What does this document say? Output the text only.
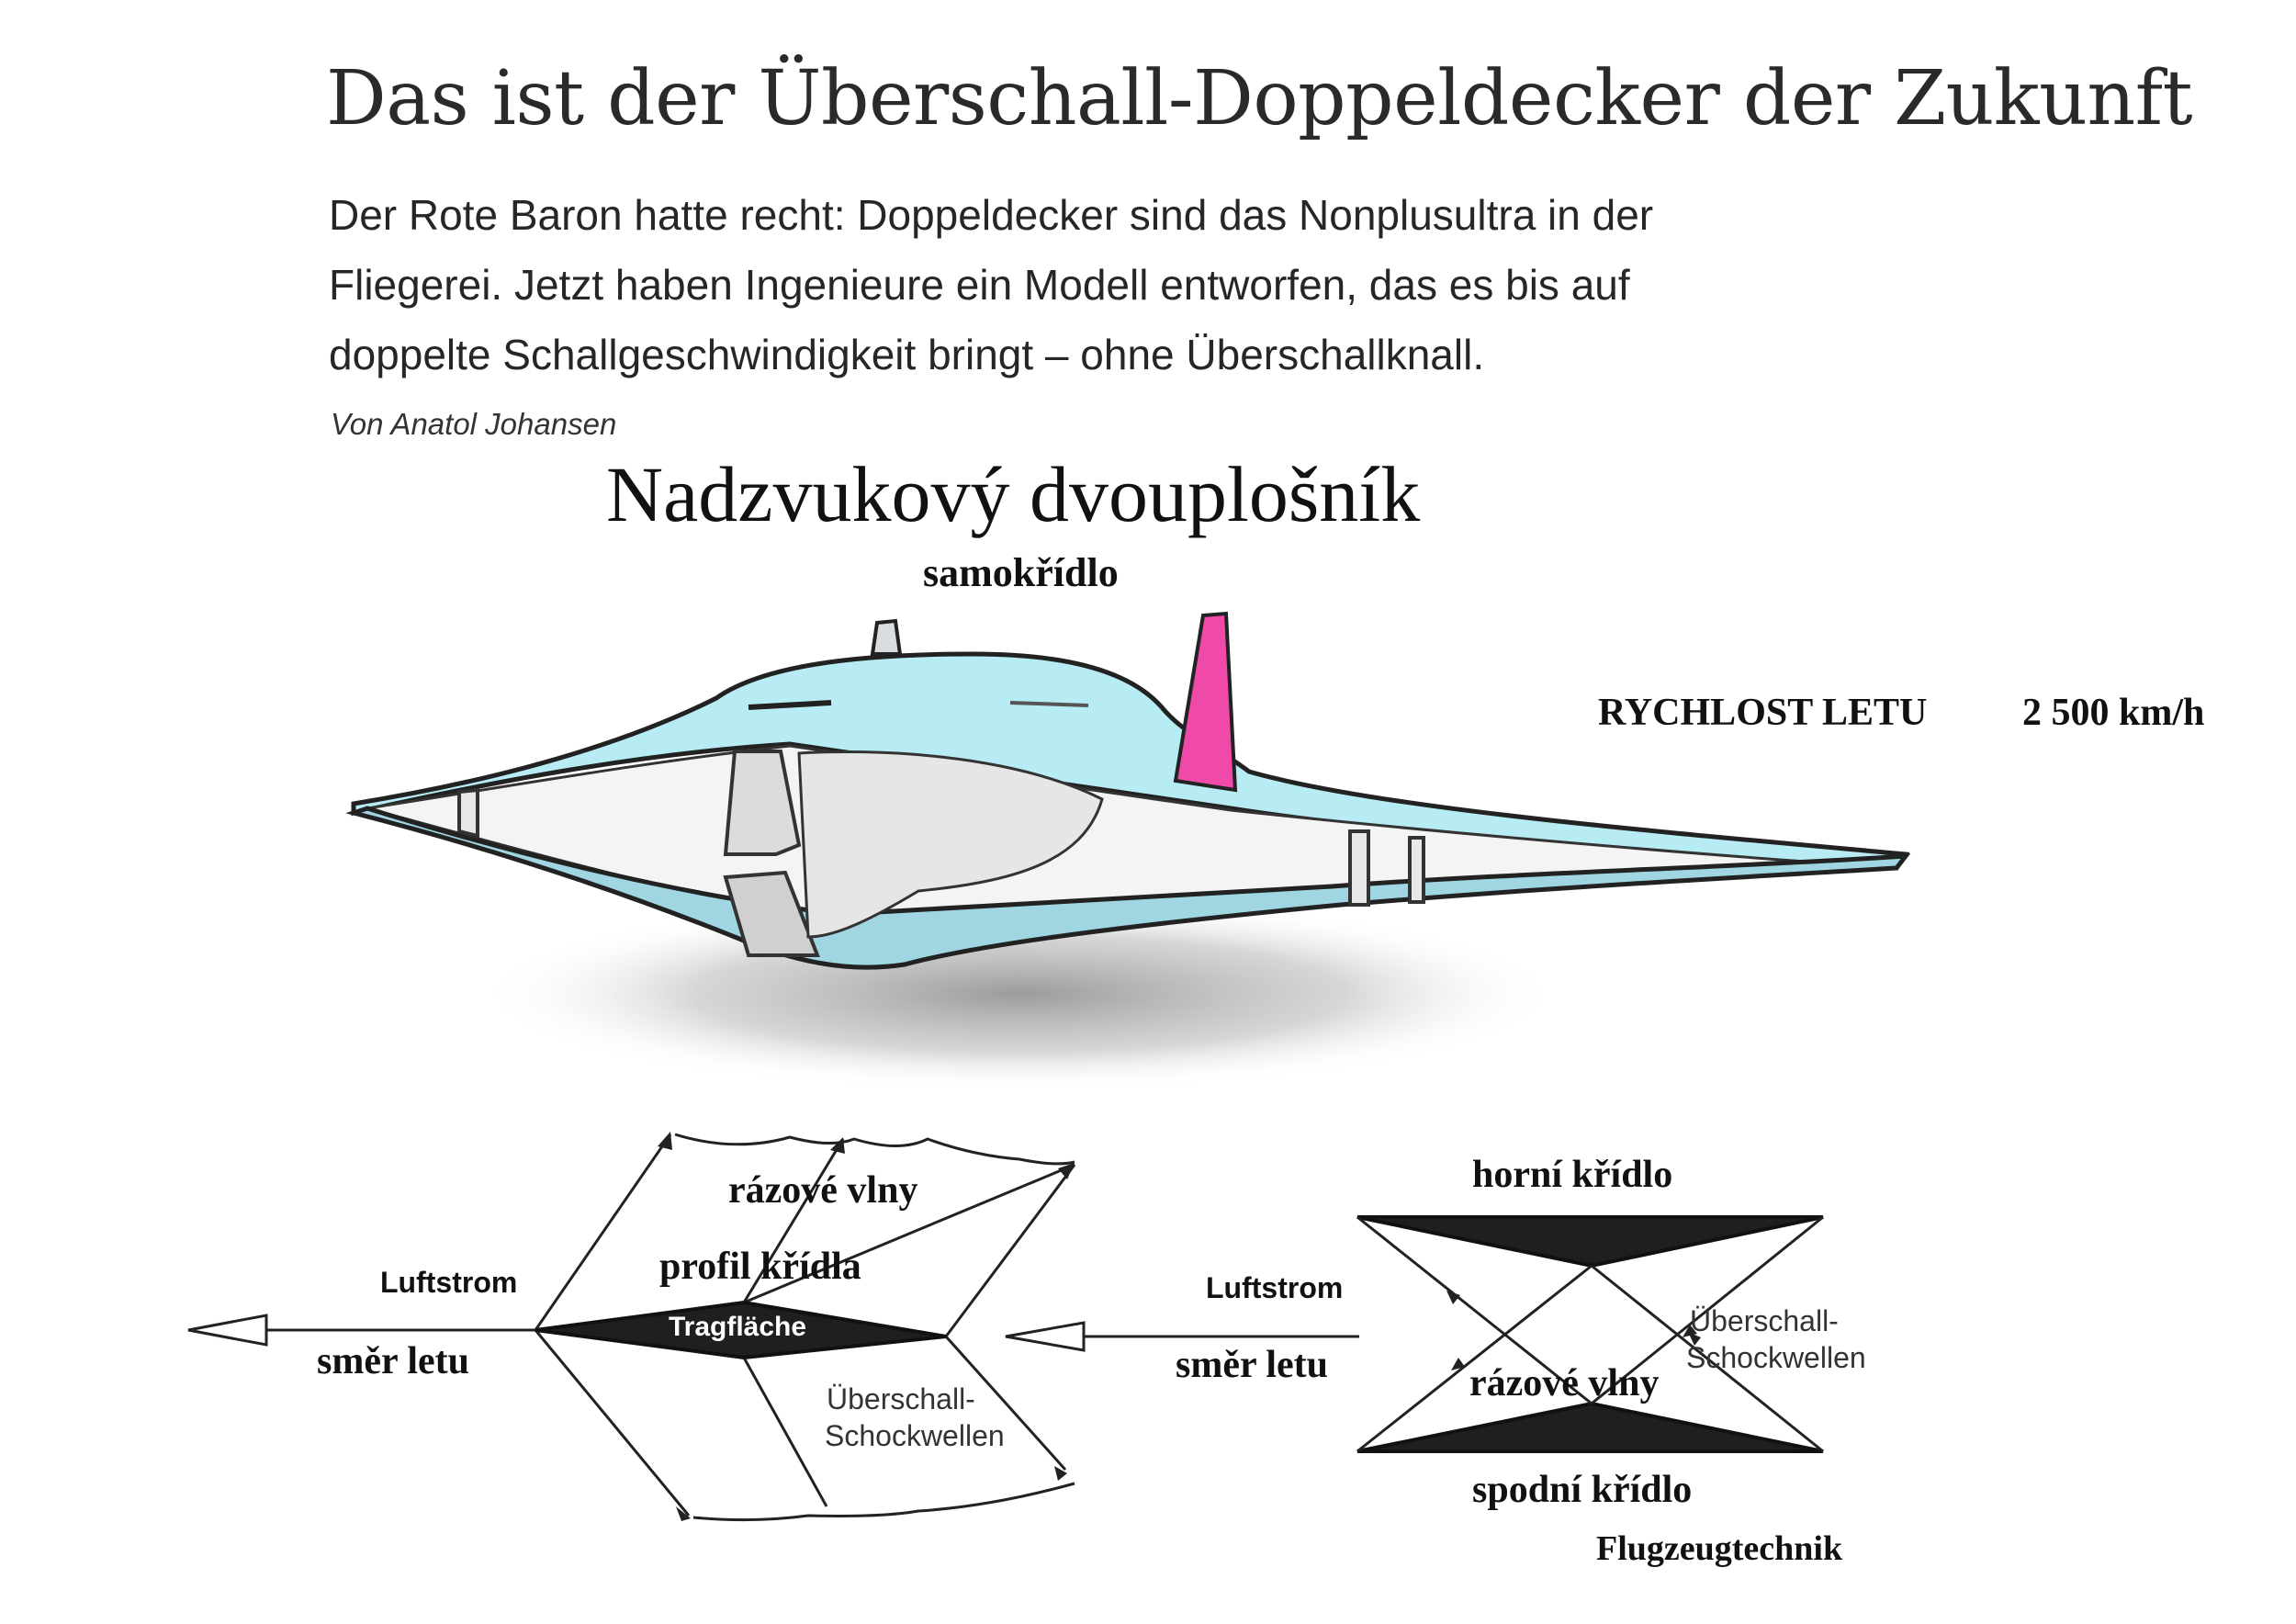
Das ist der Überschall-Doppeldecker der Zukunft
Der Rote Baron hatte recht: Doppeldecker sind das Nonplusultra in der
Fliegerei. Jetzt haben Ingenieure ein Modell entworfen, das es bis auf
doppelte Schallgeschwindigkeit bringt – ohne Überschallknall.
Von Anatol Johansen
Nadzvukový dvouplošník
samokřídlo
RYCHLOST LETU 2 500 km/h
rázové vlny
profil křídla
Luftstrom
směr letu
Tragfläche
Überschall-
Schockwellen
horní křídlo
spodní křídlo
Luftstrom
směr letu	rázové vlny
Überschall-
Schockwellen
Flugzeugtechnik
